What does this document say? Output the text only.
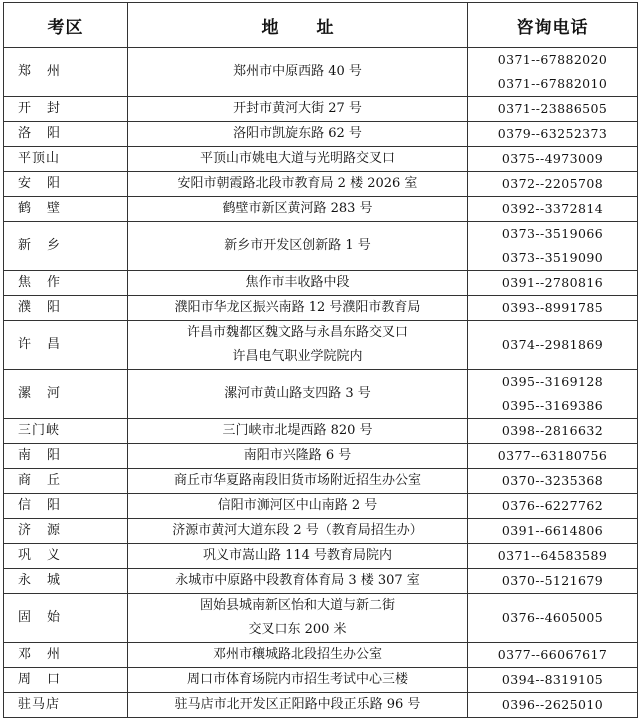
考区	地址	咨询电话
郑州	郑州市中原西路 40 号	0371--67882020
0371--67882010

开封	开封市黄河大街 27 号	0371--23886505

洛阳	洛阳市凯旋东路 62 号	0379--63252373

平顶山	平顶山市姚电大道与光明路交叉口	0375--4973009

安阳	安阳市朝霞路北段市教育局 2 楼 2026 室	0372--2205708

鹤壁	鹤壁市新区黄河路 283 号	0392--3372814

新乡	新乡市开发区创新路 1 号	0373--3519066
0373--3519090

焦作	焦作市丰收路中段	0391--2780816

濮阳	濮阳市华龙区振兴南路 12 号濮阳市教育局	0393--8991785

许昌	许昌市魏都区魏文路与永昌东路交叉口
许昌电气职业学院院内	0374--2981869

漯河	漯河市黄山路支四路 3 号	0395--3169128
0395--3169386

三门峡	三门峡市北堤西路 820 号	0398--2816632

南阳	南阳市兴隆路 6 号	0377--63180756

商丘	商丘市华夏路南段旧货市场附近招生办公室	0370--3235368

信阳	信阳市浉河区中山南路 2 号	0376--6227762

济源	济源市黄河大道东段 2 号（教育局招生办）	0391--6614806

巩义	巩义市嵩山路 114 号教育局院内	0371--64583589

永城	永城市中原路中段教育体育局 3 楼 307 室	0370--5121679

固始	固始县城南新区怡和大道与新二街
交叉口东 200 米	0376--4605005

邓州	邓州市穰城路北段招生办公室	0377--66067617

周口	周口市体育场院内市招生考试中心三楼	0394--8319105

驻马店	驻马店市北开发区正阳路中段正乐路 96 号	0396--2625010
